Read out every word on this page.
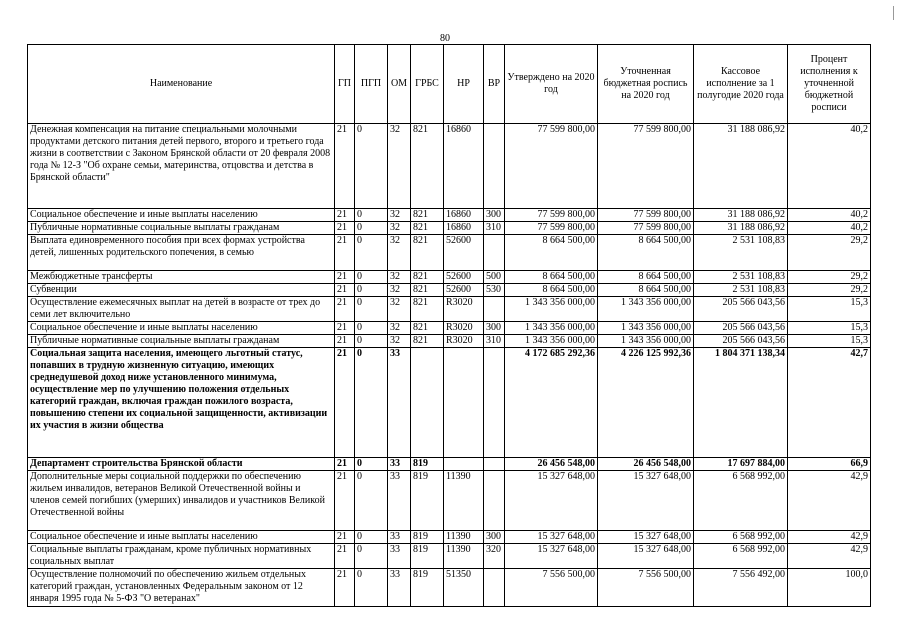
80
Наименование	ГП	ПГП	ОМ	ГРБС	НР	ВР	Утверждено на 2020 год	Уточненная бюджетная роспись на 2020 год	Кассовое исполнение за 1 полугодие 2020 года	Процент исполнения к уточненной бюджетной росписи
Денежная компенсация на питание специальными молочными продуктами детского питания детей первого, второго и третьего года жизни в соответствии с Законом Брянской области от 20 февраля 2008 года № 12-З "Об охране семьи, материнства, отцовства и детства в Брянской области"	21	0	32	821	16860		77 599 800,00	77 599 800,00	31 188 086,92	40,2
Социальное обеспечение и иные выплаты населению	21	0	32	821	16860	300	77 599 800,00	77 599 800,00	31 188 086,92	40,2
Публичные нормативные социальные выплаты гражданам	21	0	32	821	16860	310	77 599 800,00	77 599 800,00	31 188 086,92	40,2
Выплата единовременного пособия при всех формах устройства детей, лишенных родительского попечения, в семью	21	0	32	821	52600		8 664 500,00	8 664 500,00	2 531 108,83	29,2
Межбюджетные трансферты	21	0	32	821	52600	500	8 664 500,00	8 664 500,00	2 531 108,83	29,2
Субвенции	21	0	32	821	52600	530	8 664 500,00	8 664 500,00	2 531 108,83	29,2
Осуществление ежемесячных выплат на детей в возрасте от трех до семи лет включительно	21	0	32	821	R3020		1 343 356 000,00	1 343 356 000,00	205 566 043,56	15,3
Социальное обеспечение и иные выплаты населению	21	0	32	821	R3020	300	1 343 356 000,00	1 343 356 000,00	205 566 043,56	15,3
Публичные нормативные социальные выплаты гражданам	21	0	32	821	R3020	310	1 343 356 000,00	1 343 356 000,00	205 566 043,56	15,3
Социальная защита населения, имеющего льготный статус, попавших в трудную жизненную ситуацию, имеющих среднедушевой доход ниже установленного минимума, осуществление мер по улучшению положения отдельных категорий граждан, включая граждан пожилого возраста, повышению степени их социальной защищенности, активизации их участия в жизни общества	21	0	33				4 172 685 292,36	4 226 125 992,36	1 804 371 138,34	42,7
Департамент строительства Брянской области	21	0	33	819			26 456 548,00	26 456 548,00	17 697 884,00	66,9
Дополнительные меры социальной поддержки по обеспечению жильем инвалидов, ветеранов Великой Отечественной войны и членов семей погибших (умерших) инвалидов и участников Великой Отечественной войны	21	0	33	819	11390		15 327 648,00	15 327 648,00	6 568 992,00	42,9
Социальное обеспечение и иные выплаты населению	21	0	33	819	11390	300	15 327 648,00	15 327 648,00	6 568 992,00	42,9
Социальные выплаты гражданам, кроме публичных нормативных социальных выплат	21	0	33	819	11390	320	15 327 648,00	15 327 648,00	6 568 992,00	42,9
Осуществление полномочий по обеспечению жильем отдельных категорий граждан, установленных Федеральным законом от 12 января 1995 года № 5-ФЗ "О ветеранах"	21	0	33	819	51350		7 556 500,00	7 556 500,00	7 556 492,00	100,0
